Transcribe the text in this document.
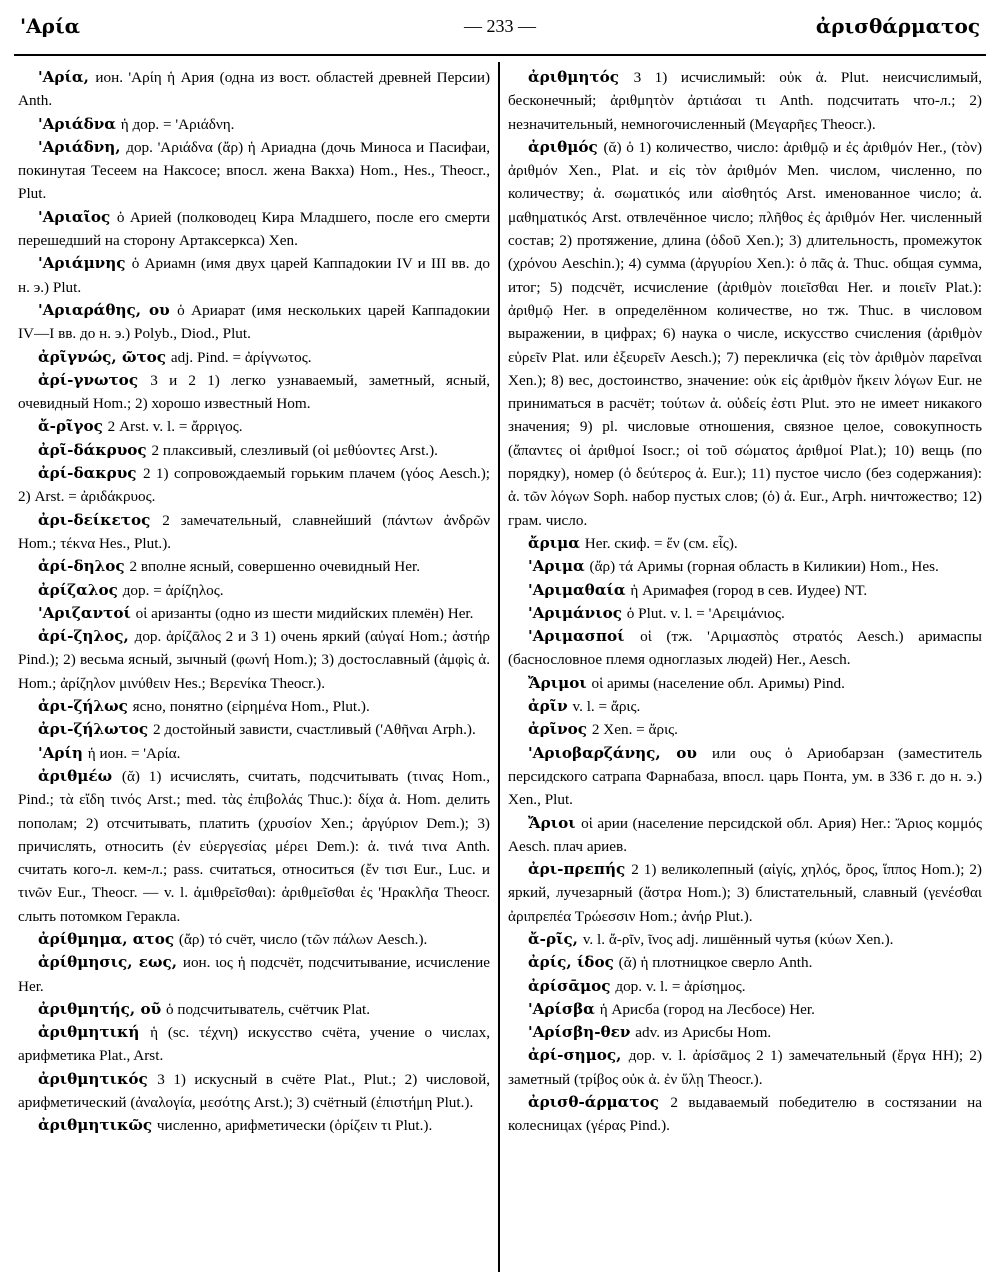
'Αρία	— 233 —	ἀρισθάρματος

'Αρία, ион. 'Αρίη ἡ Ария (одна из вост. областей древней Персии) Anth.

'Αριάδνα ἡ дор. = 'Αριάδνη.

'Αριάδνη, дор. 'Αριάδνα (ἄρ) ἡ Ариадна (дочь Миноса и Пасифаи, покинутая Тесеем на Наксосе; впосл. жена Вакха) Hom., Hes., Theocr., Plut.

'Αριαῖος ὁ Арией (полководец Кира Младшего, после его смерти перешедший на сторону Артаксеркса) Xen.

'Αριάμνης ὁ Ариамн (имя двух царей Каппадокии IV и III вв. до н. э.) Plut.

'Αριαράθης, ου ὁ Ариарат (имя нескольких царей Каппадокии IV—I вв. до н. э.) Polyb., Diod., Plut.

ἀρῖγνώς, ῶτος adj. Pind. = ἀρίγνωτος.

ἀρί-γνωτος 3 и 2 1) легко узнаваемый, заметный, ясный, очевидный Hom.; 2) хорошо известный Hom.

ἄ-ρῖγος 2 Arst. v. l. = ἄρριγος.

ἀρῖ-δάκρυος 2 плаксивый, слезливый (οἱ μεθύοντες Arst.).

ἀρί-δακρυς 2 1) сопровождаемый горьким плачем (γόος Aesch.); 2) Arst. = ἀριδάκρυος.

ἀρι-δείκετος 2 замечательный, славнейший (πάντων ἀνδρῶν Hom.; τέκνα Hes., Plut.).

ἀρί-δηλος 2 вполне ясный, совершенно очевидный Her.

ἀρίζαλος дор. = ἀρίζηλος.

'Αριζαντοί οἱ аризанты (одно из шести мидийских племён) Her.

ἀρί-ζηλος, дор. ἀρίζᾱλος 2 и 3 1) очень яркий (αὐγαί Hom.; ἀστήρ Pind.); 2) весьма ясный, зычный (φωνή Hom.); 3) достославный (ἀμφὶς ἀ. Hom.; ἀρίζηλον μινύθειν Hes.; Βερενίκα Theocr.).

ἀρι-ζήλως ясно, понятно (εἰρημένα Hom., Plut.).

ἀρι-ζήλωτος 2 достойный зависти, счастливый ('Αθῆναι Arph.).

'Αρίη ἡ ион. = 'Αρία.

ἀριθμέω (ᾰ) 1) исчислять, считать, подсчитывать (τινας Hom., Pind.; τὰ εἴδη τινός Arst.; med. τὰς ἐπιβολάς Thuc.): δίχα ἀ. Hom. делить пополам; 2) отсчитывать, платить (χρυσίον Xen.; ἀργύριον Dem.); 3) причислять, относить (ἐν εὐεργεσίας μέρει Dem.): ἀ. τινά τινα Anth. считать кого-л. кем-л.; pass. считаться, относиться (ἔν τισι Eur., Luc. и τινῶν Eur., Theocr. — v. l. ἀμιθρεῖσθαι): ἀριθμεῖσθαι ἐς 'Ηρακλῆα Theocr. слыть потомком Геракла.

ἀρίθμημα, ατος (ἄρ) τό счёт, число (τῶν πάλων Aesch.).

ἀρίθμησις, εως, ион. ιος ἡ подсчёт, подсчитывание, исчисление Her.

ἀριθμητής, οῦ ὁ подсчитыватель, счётчик Plat.

ἀριθμητική ἡ (sc. τέχνη) искусство счёта, учение о числах, арифметика Plat., Arst.

ἀριθμητικός 3 1) искусный в счёте Plat., Plut.; 2) числовой, арифметический (ἀναλογία, μεσότης Arst.); 3) счётный (ἐπιστήμη Plut.).

ἀριθμητικῶς численно, арифметически (ὁρίζειν τι Plut.).

ἀριθμητός 3 1) исчислимый: οὐκ ἀ. Plut. неисчислимый, бесконечный; ἀριθμητὸν ἀρτιάσαι τι Anth. подсчитать что-л.; 2) незначительный, немногочисленный (Μεγαρῆες Theocr.).

ἀριθμός (ᾰ) ὁ 1) количество, число: ἀριθμῷ и ἐς ἀριθμόν Her., (τὸν) ἀριθμόν Xen., Plat. и εἰς τὸν ἀριθμόν Men. числом, численно, по количеству; ἀ. σωματικός или αἰσθητός Arst. именованное число; ἀ. μαθηματικός Arst. отвлечённое число; πλῆθος ἐς ἀριθμόν Her. численный состав; 2) протяжение, длина (ὁδοῦ Xen.); 3) длительность, промежуток (χρόνου Aeschin.); 4) сумма (ἀργυρίου Xen.): ὁ πᾶς ἀ. Thuc. общая сумма, итог; 5) подсчёт, исчисление (ἀριθμὸν ποιεῖσθαι Her. и ποιεῖν Plat.): ἀριθμῷ Her. в определённом количестве, но тж. Thuc. в числовом выражении, в цифрах; 6) наука о числе, искусство счисления (ἀριθμὸν εὑρεῖν Plat. или ἐξευρεῖν Aesch.); 7) перекличка (εἰς τὸν ἀριθμὸν παρεῖναι Xen.); 8) вес, достоинство, значение: οὐκ εἰς ἀριθμὸν ἥκειν λόγων Eur. не приниматься в расчёт; τούτων ἀ. οὐδείς ἐστι Plut. это не имеет никакого значения; 9) pl. числовые отношения, связное целое, совокупность (ἅπαντες οἱ ἀριθμοί Isocr.; οἱ τοῦ σώματος ἀριθμοί Plat.); 10) вещь (по порядку), номер (ὁ δεύτερος ἀ. Eur.); 11) пустое число (без содержания): ἀ. τῶν λόγων Soph. набор пустых слов; (ὁ) ἀ. Eur., Arph. ничтожество; 12) грам. число.

ἄριμα Her. скиф. = ἕν (см. εἷς).

'Αριμα (ἄρ) τά Аримы (горная область в Киликии) Hom., Hes.

'Αριμαθαία ἡ Аримафея (город в сев. Иудее) NT.

'Αριμάνιος ὁ Plut. v. l. = 'Αρειμάνιος.

'Αριμασποί οἱ (тж. 'Αριμασπὸς στρατός Aesch.) аримаспы (баснословное племя одноглазых людей) Her., Aesch.

Ἄριμοι οἱ аримы (население обл. Аримы) Pind.

ἀρῖν v. l. = ἄρις.

ἀρῖνος 2 Xen. = ἄρις.

'Αριοβαρζάνης, ου или ους ὁ Ариобарзан (заместитель персидского сатрапа Фарнабаза, впосл. царь Понта, ум. в 336 г. до н. э.) Xen., Plut.

Ἄριοι οἱ арии (население персидской обл. Ария) Her.: Ἄριος κομμός Aesch. плач ариев.

ἀρι-πρεπής 2 1) великолепный (αἰγίς, χηλός, ὄρος, ἵππος Hom.); 2) яркий, лучезарный (ἄστρα Hom.); 3) блистательный, славный (γενέσθαι ἀριπρεπέα Τρώεσσιν Hom.; ἀνήρ Plut.).

ἄ-ρῖς, v. l. ἄ-ρῖν, ῖνος adj. лишённый чутья (κύων Xen.).

ἀρίς, ίδος (ᾰ) ἡ плотницкое сверло Anth.

ἀρίσᾱμος дор. v. l. = ἀρίσημος.

'Αρίσβα ἡ Арисба (город на Лесбосе) Her.

'Αρίσβη-θεν adv. из Арисбы Hom.

ἀρί-σημος, дор. v. l. ἀρίσᾱμος 2 1) замечательный (ἔργα HH); 2) заметный (τρίβος οὐκ ἀ. ἐν ὕλῃ Theocr.).

ἀρισθ-άρματος 2 выдаваемый победителю в состязании на колесницах (γέρας Pind.).
